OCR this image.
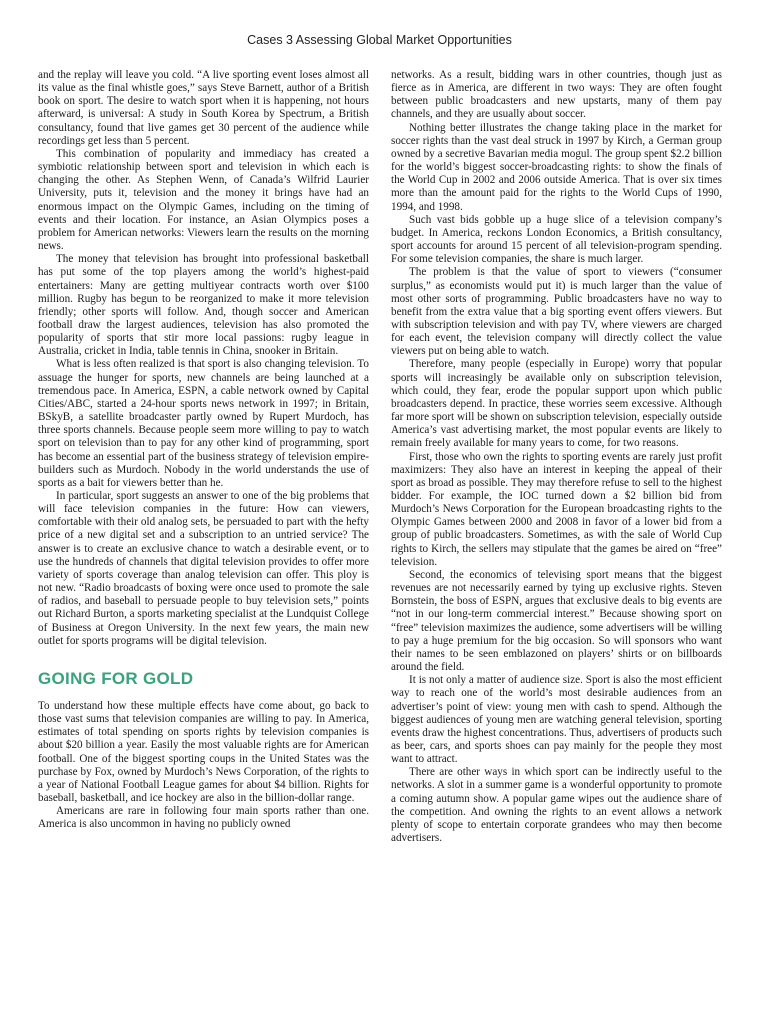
Cases 3 Assessing Global Market Opportunities

and the replay will leave you cold. “A live sporting event loses almost all its value as the final whistle goes,” says Steve Barnett, author of a British book on sport. The desire to watch sport when it is happening, not hours afterward, is universal: A study in South Korea by Spectrum, a British consultancy, found that live games get 30 percent of the audience while recordings get less than 5 percent.

This combination of popularity and immediacy has created a symbiotic relationship between sport and television in which each is changing the other. As Stephen Wenn, of Canada’s Wilfrid Laurier University, puts it, television and the money it brings have had an enormous impact on the Olympic Games, including on the timing of events and their location. For instance, an Asian Olympics poses a problem for American networks: Viewers learn the results on the morning news.

The money that television has brought into professional basketball has put some of the top players among the world’s highest-paid entertainers: Many are getting multiyear contracts worth over $100 million. Rugby has begun to be reorganized to make it more television friendly; other sports will follow. And, though soccer and American football draw the largest audiences, television has also promoted the popularity of sports that stir more local passions: rugby league in Australia, cricket in India, table tennis in China, snooker in Britain.

What is less often realized is that sport is also changing television. To assuage the hunger for sports, new channels are being launched at a tremendous pace. In America, ESPN, a cable network owned by Capital Cities/ABC, started a 24-hour sports news network in 1997; in Britain, BSkyB, a satellite broadcaster partly owned by Rupert Murdoch, has three sports channels. Because people seem more willing to pay to watch sport on television than to pay for any other kind of programming, sport has become an essential part of the business strategy of television empire-builders such as Murdoch. Nobody in the world understands the use of sports as a bait for viewers better than he.

In particular, sport suggests an answer to one of the big problems that will face television companies in the future: How can viewers, comfortable with their old analog sets, be persuaded to part with the hefty price of a new digital set and a subscription to an untried service? The answer is to create an exclusive chance to watch a desirable event, or to use the hundreds of channels that digital television provides to offer more variety of sports coverage than analog television can offer. This ploy is not new. “Radio broadcasts of boxing were once used to promote the sale of radios, and baseball to persuade people to buy television sets,” points out Richard Burton, a sports marketing specialist at the Lundquist College of Business at Oregon University. In the next few years, the main new outlet for sports programs will be digital television.

GOING FOR GOLD

To understand how these multiple effects have come about, go back to those vast sums that television companies are willing to pay. In America, estimates of total spending on sports rights by television companies is about $20 billion a year. Easily the most valuable rights are for American football. One of the biggest sporting coups in the United States was the purchase by Fox, owned by Murdoch’s News Corporation, of the rights to a year of National Football League games for about $4 billion. Rights for baseball, basketball, and ice hockey are also in the billion-dollar range.

Americans are rare in following four main sports rather than one. America is also uncommon in having no publicly owned

networks. As a result, bidding wars in other countries, though just as fierce as in America, are different in two ways: They are often fought between public broadcasters and new upstarts, many of them pay channels, and they are usually about soccer.

Nothing better illustrates the change taking place in the market for soccer rights than the vast deal struck in 1997 by Kirch, a German group owned by a secretive Bavarian media mogul. The group spent $2.2 billion for the world’s biggest soccer-broadcasting rights: to show the finals of the World Cup in 2002 and 2006 outside America. That is over six times more than the amount paid for the rights to the World Cups of 1990, 1994, and 1998.

Such vast bids gobble up a huge slice of a television company’s budget. In America, reckons London Economics, a British consultancy, sport accounts for around 15 percent of all television-program spending. For some television companies, the share is much larger.

The problem is that the value of sport to viewers (“consumer surplus,” as economists would put it) is much larger than the value of most other sorts of programming. Public broadcasters have no way to benefit from the extra value that a big sporting event offers viewers. But with subscription television and with pay TV, where viewers are charged for each event, the television company will directly collect the value viewers put on being able to watch.

Therefore, many people (especially in Europe) worry that popular sports will increasingly be available only on subscription television, which could, they fear, erode the popular support upon which public broadcasters depend. In practice, these worries seem excessive. Although far more sport will be shown on subscription television, especially outside America’s vast advertising market, the most popular events are likely to remain freely available for many years to come, for two reasons.

First, those who own the rights to sporting events are rarely just profit maximizers: They also have an interest in keeping the appeal of their sport as broad as possible. They may therefore refuse to sell to the highest bidder. For example, the IOC turned down a $2 billion bid from Murdoch’s News Corporation for the European broadcasting rights to the Olympic Games between 2000 and 2008 in favor of a lower bid from a group of public broadcasters. Sometimes, as with the sale of World Cup rights to Kirch, the sellers may stipulate that the games be aired on “free” television.

Second, the economics of televising sport means that the biggest revenues are not necessarily earned by tying up exclusive rights. Steven Bornstein, the boss of ESPN, argues that exclusive deals to big events are “not in our long-term commercial interest.” Because showing sport on “free” television maximizes the audience, some advertisers will be willing to pay a huge premium for the big occasion. So will sponsors who want their names to be seen emblazoned on players’ shirts or on billboards around the field.

It is not only a matter of audience size. Sport is also the most efficient way to reach one of the world’s most desirable audiences from an advertiser’s point of view: young men with cash to spend. Although the biggest audiences of young men are watching general television, sporting events draw the highest concentrations. Thus, advertisers of products such as beer, cars, and sports shoes can pay mainly for the people they most want to attract.

There are other ways in which sport can be indirectly useful to the networks. A slot in a summer game is a wonderful opportunity to promote a coming autumn show. A popular game wipes out the audience share of the competition. And owning the rights to an event allows a network plenty of scope to entertain corporate grandees who may then become advertisers.
